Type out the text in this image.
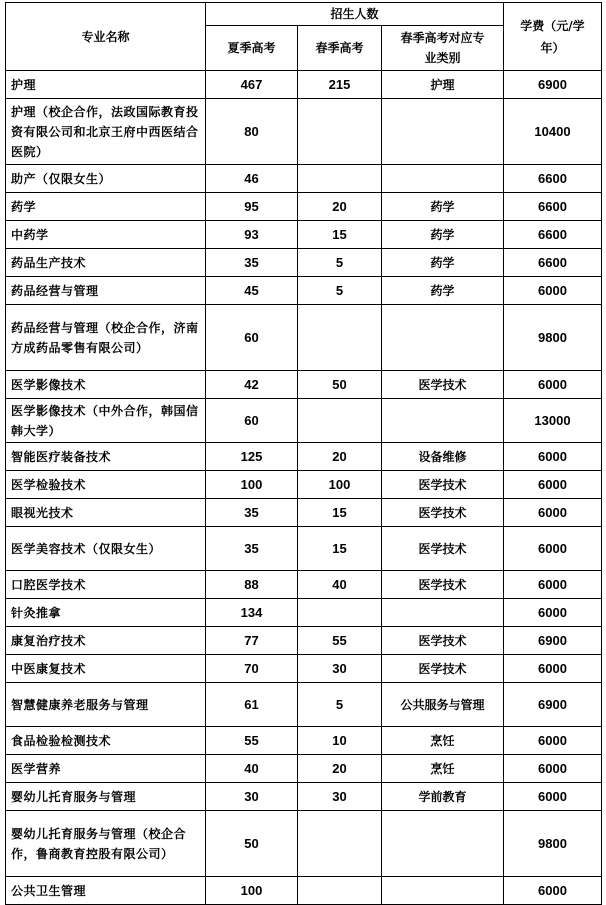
专业名称	招生人数			学费（元/学年）
	夏季高考	春季高考	春季高考对应专业类别	
护理	467	215	护理	6900
护理（校企合作，法政国际教育投资有限公司和北京王府中西医结合医院）	80			10400
助产（仅限女生）	46			6600
药学	95	20	药学	6600
中药学	93	15	药学	6600
药品生产技术	35	5	药学	6600
药品经营与管理	45	5	药学	6000
药品经营与管理（校企合作，济南方成药品零售有限公司）	60			9800
医学影像技术	42	50	医学技术	6000
医学影像技术（中外合作，韩国信韩大学）	60			13000
智能医疗装备技术	125	20	设备维修	6000
医学检验技术	100	100	医学技术	6000
眼视光技术	35	15	医学技术	6000
医学美容技术（仅限女生）	35	15	医学技术	6000
口腔医学技术	88	40	医学技术	6000
针灸推拿	134			6000
康复治疗技术	77	55	医学技术	6900
中医康复技术	70	30	医学技术	6000
智慧健康养老服务与管理	61	5	公共服务与管理	6900
食品检验检测技术	55	10	烹饪	6000
医学营养	40	20	烹饪	6000
婴幼儿托育服务与管理	30	30	学前教育	6000
婴幼儿托育服务与管理（校企合作，鲁商教育控股有限公司）	50			9800
公共卫生管理	100			6000
